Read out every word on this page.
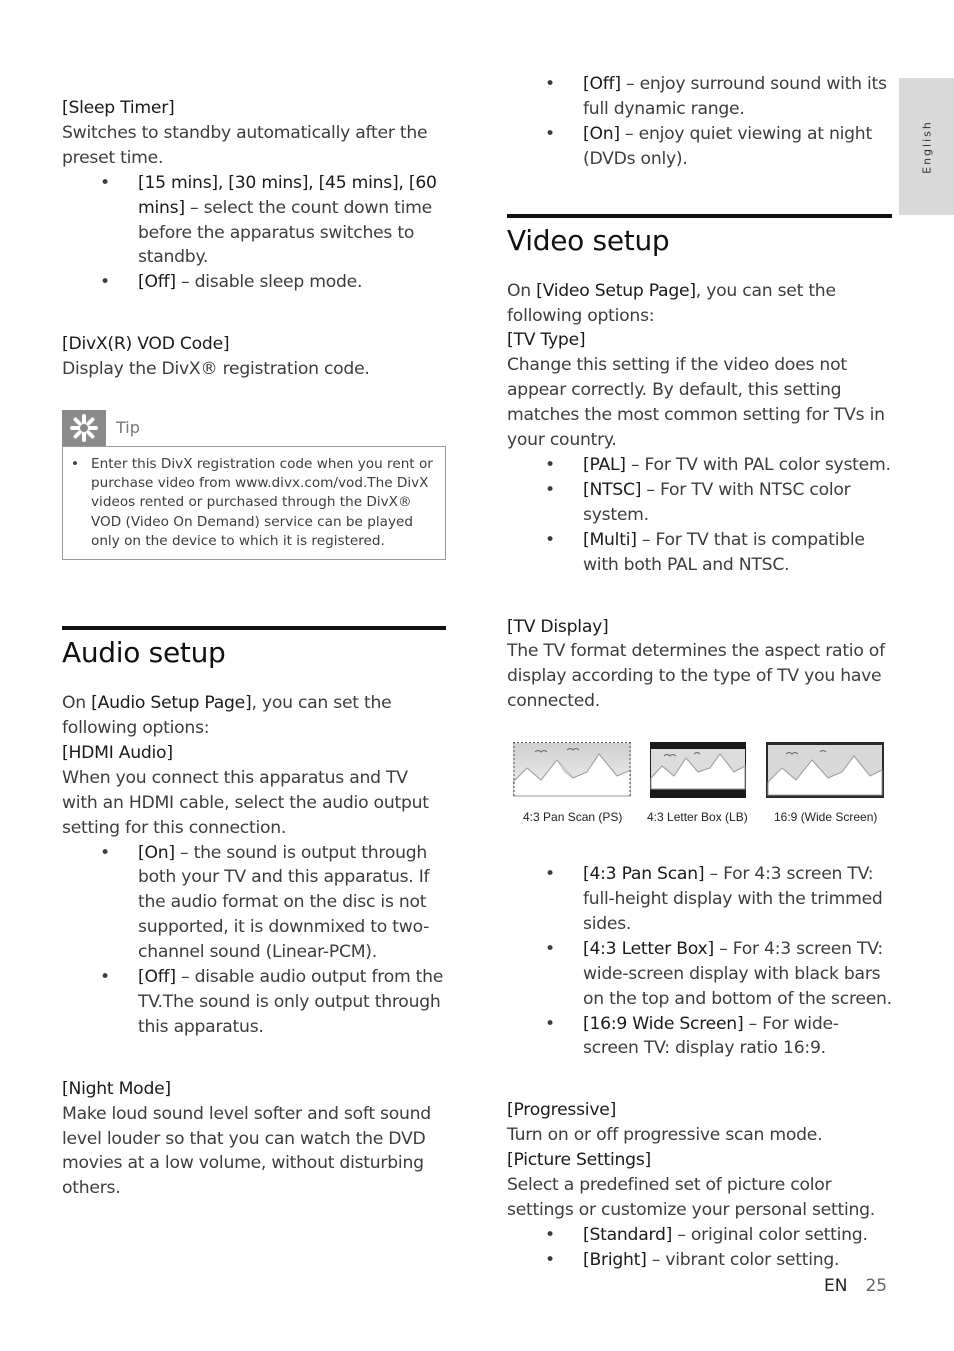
English
[Sleep Timer]
Switches to standby automatically after the preset time.
• [15 mins], [30 mins], [45 mins], [60 mins] – select the count down time before the apparatus switches to standby.
• [Off] – disable sleep mode.
[DivX(R) VOD Code]
Display the DivX® registration code.
Tip
• Enter this DivX registration code when you rent or purchase video from www.divx.com/vod.The DivX videos rented or purchased through the DivX® VOD (Video On Demand) service can be played only on the device to which it is registered.
Audio setup
On [Audio Setup Page], you can set the following options:
[HDMI Audio]
When you connect this apparatus and TV with an HDMI cable, select the audio output setting for this connection.
• [On] – the sound is output through both your TV and this apparatus. If the audio format on the disc is not supported, it is downmixed to two-channel sound (Linear-PCM).
• [Off] – disable audio output from the TV.The sound is only output through this apparatus.
[Night Mode]
Make loud sound level softer and soft sound level louder so that you can watch the DVD movies at a low volume, without disturbing others.
• [Off] – enjoy surround sound with its full dynamic range.
• [On] – enjoy quiet viewing at night (DVDs only).
Video setup
On [Video Setup Page], you can set the following options:
[TV Type]
Change this setting if the video does not appear correctly. By default, this setting matches the most common setting for TVs in your country.
• [PAL] – For TV with PAL color system.
• [NTSC] – For TV with NTSC color system.
• [Multi] – For TV that is compatible with both PAL and NTSC.
[TV Display]
The TV format determines the aspect ratio of display according to the type of TV you have connected.
4:3 Pan Scan (PS) 4:3 Letter Box (LB) 16:9 (Wide Screen)
• [4:3 Pan Scan] – For 4:3 screen TV: full-height display with the trimmed sides.
• [4:3 Letter Box] – For 4:3 screen TV: wide-screen display with black bars on the top and bottom of the screen.
• [16:9 Wide Screen] – For wide-screen TV: display ratio 16:9.
[Progressive]
Turn on or off progressive scan mode.
[Picture Settings]
Select a predefined set of picture color settings or customize your personal setting.
• [Standard] – original color setting.
• [Bright] – vibrant color setting.
EN 25
